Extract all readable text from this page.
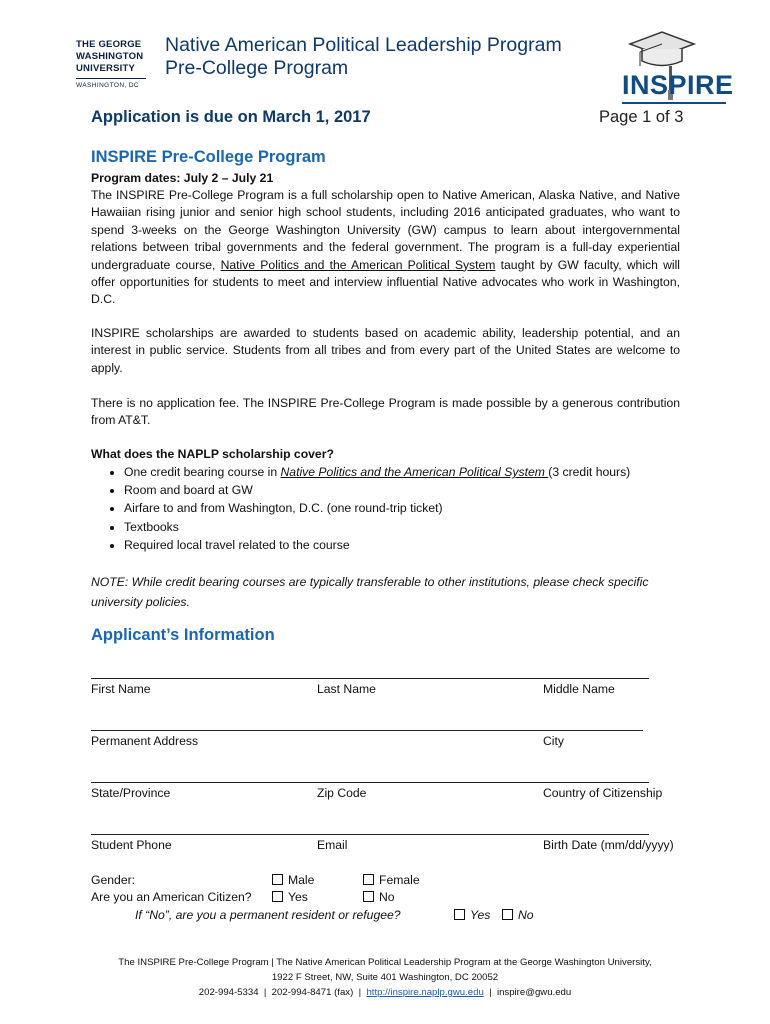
THE GEORGE
WASHINGTON
UNIVERSITY
WASHINGTON, DC
Native American Political Leadership Program
Pre-College Program
INSPIRE
Application is due on March 1, 2017	Page 1 of 3
INSPIRE Pre-College Program
Program dates: July 2 – July 21
The INSPIRE Pre-College Program is a full scholarship open to Native American, Alaska Native, and Native Hawaiian rising junior and senior high school students, including 2016 anticipated graduates, who want to spend 3-weeks on the George Washington University (GW) campus to learn about intergovernmental relations between tribal governments and the federal government. The program is a full-day experiential undergraduate course, Native Politics and the American Political System taught by GW faculty, which will offer opportunities for students to meet and interview influential Native advocates who work in Washington, D.C.
INSPIRE scholarships are awarded to students based on academic ability, leadership potential, and an interest in public service. Students from all tribes and from every part of the United States are welcome to apply.
There is no application fee. The INSPIRE Pre-College Program is made possible by a generous contribution from AT&T.
What does the NAPLP scholarship cover?
• One credit bearing course in Native Politics and the American Political System (3 credit hours)
• Room and board at GW
• Airfare to and from Washington, D.C. (one round-trip ticket)
• Textbooks
• Required local travel related to the course
NOTE: While credit bearing courses are typically transferable to other institutions, please check specific university policies.
Applicant’s Information
First Name	Last Name	Middle Name
Permanent Address	City
State/Province	Zip Code	Country of Citizenship
Student Phone	Email	Birth Date (mm/dd/yyyy)
Gender:	Male	Female
Are you an American Citizen?	Yes	No
If “No”, are you a permanent resident or refugee?	Yes	No
The INSPIRE Pre-College Program | The Native American Political Leadership Program at the George Washington University,
1922 F Street, NW, Suite 401 Washington, DC 20052
202-994-5334  |  202-994-8471 (fax)  |  http://inspire.naplp.gwu.edu  |  inspire@gwu.edu
